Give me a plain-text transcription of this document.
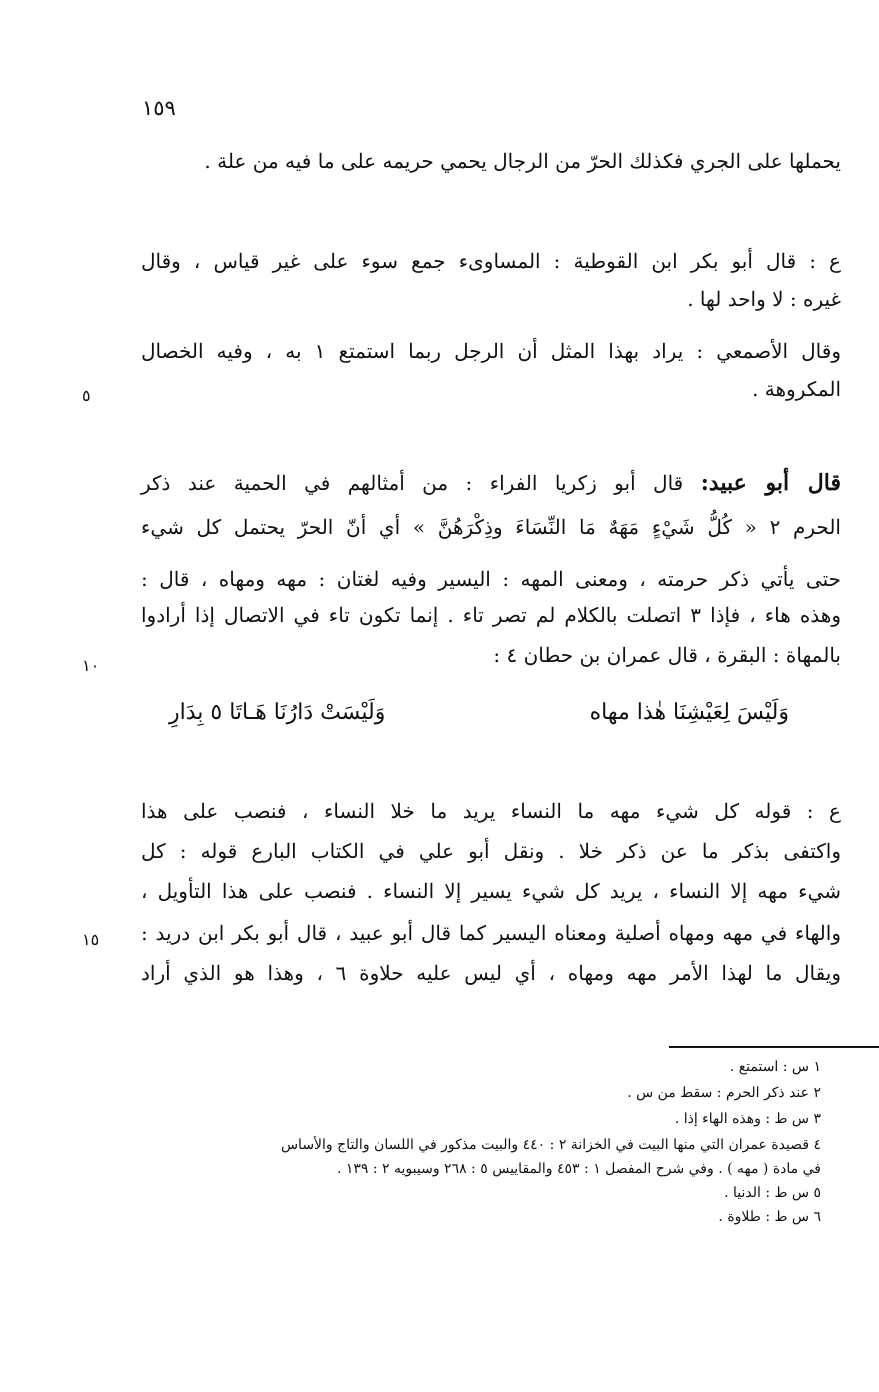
١٥٩
يحملها على الجري فكذلك الحرّ من الرجال يحمي حريمه على ما فيه من علة .
ع : قال أبو بكر ابن القوطية : المساوىء جمع سوء على غير قياس ، وقال
غيره : لا واحد لها .
وقال الأصمعي : يراد بهذا المثل أن الرجل ربما استمتع ١ به ، وفيه الخصال
المكروهة .
٥
قال أبو عبيد: قال أبو زكريا الفراء : من أمثالهم في الحمية عند ذكر
الحرم ٢ « كُلُّ شَيْءٍ مَهَهٌ مَا النِّسَاءَ وذِكْرَهُنَّ » أي أنّ الحرّ يحتمل كل شيء
حتى يأتي ذكر حرمته ، ومعنى المهه : اليسير وفيه لغتان : مهه ومهاه ، قال :
وهذه هاء ، فإذا ٣ اتصلت بالكلام لم تصر تاء . إنما تكون تاء في الاتصال إذا أرادوا
بالمهاة : البقرة ، قال عمران بن حطان ٤ :
١٠
وَلَيْسَ لِعَيْشِنَا هٰذا مهاه
وَلَيْسَتْ دَارُنَا هَـاتَا ٥ بِدَارِ
ع : قوله كل شيء مهه ما النساء يريد ما خلا النساء ، فنصب على هذا
واكتفى بذكر ما عن ذكر خلا . ونقل أبو علي في الكتاب البارع قوله : كل
شيء مهه إلا النساء ، يريد كل شيء يسير إلا النساء . فنصب على هذا التأويل ،
والهاء في مهه ومهاه أصلية ومعناه اليسير كما قال أبو عبيد ، قال أبو بكر ابن دريد :
١٥
ويقال ما لهذا الأمر مهه ومهاه ، أي ليس عليه حلاوة ٦ ، وهذا هو الذي أراد
١ س : استمتع .
٢ عند ذكر الحرم : سقط من س .
٣ س ط : وهذه الهاء إذا .
٤ قصيدة عمران التي منها البيت في الخزانة ٢ : ٤٤٠ والبيت مذكور في اللسان والتاج والأساس
في مادة ( مهه ) . وفي شرح المفصل ١ : ٤٥٣ والمقاييس ٥ : ٢٦٨ وسيبويه ٢ : ١٣٩ .
٥ س ط : الدنيا .
٦ س ط : طلاوة .
